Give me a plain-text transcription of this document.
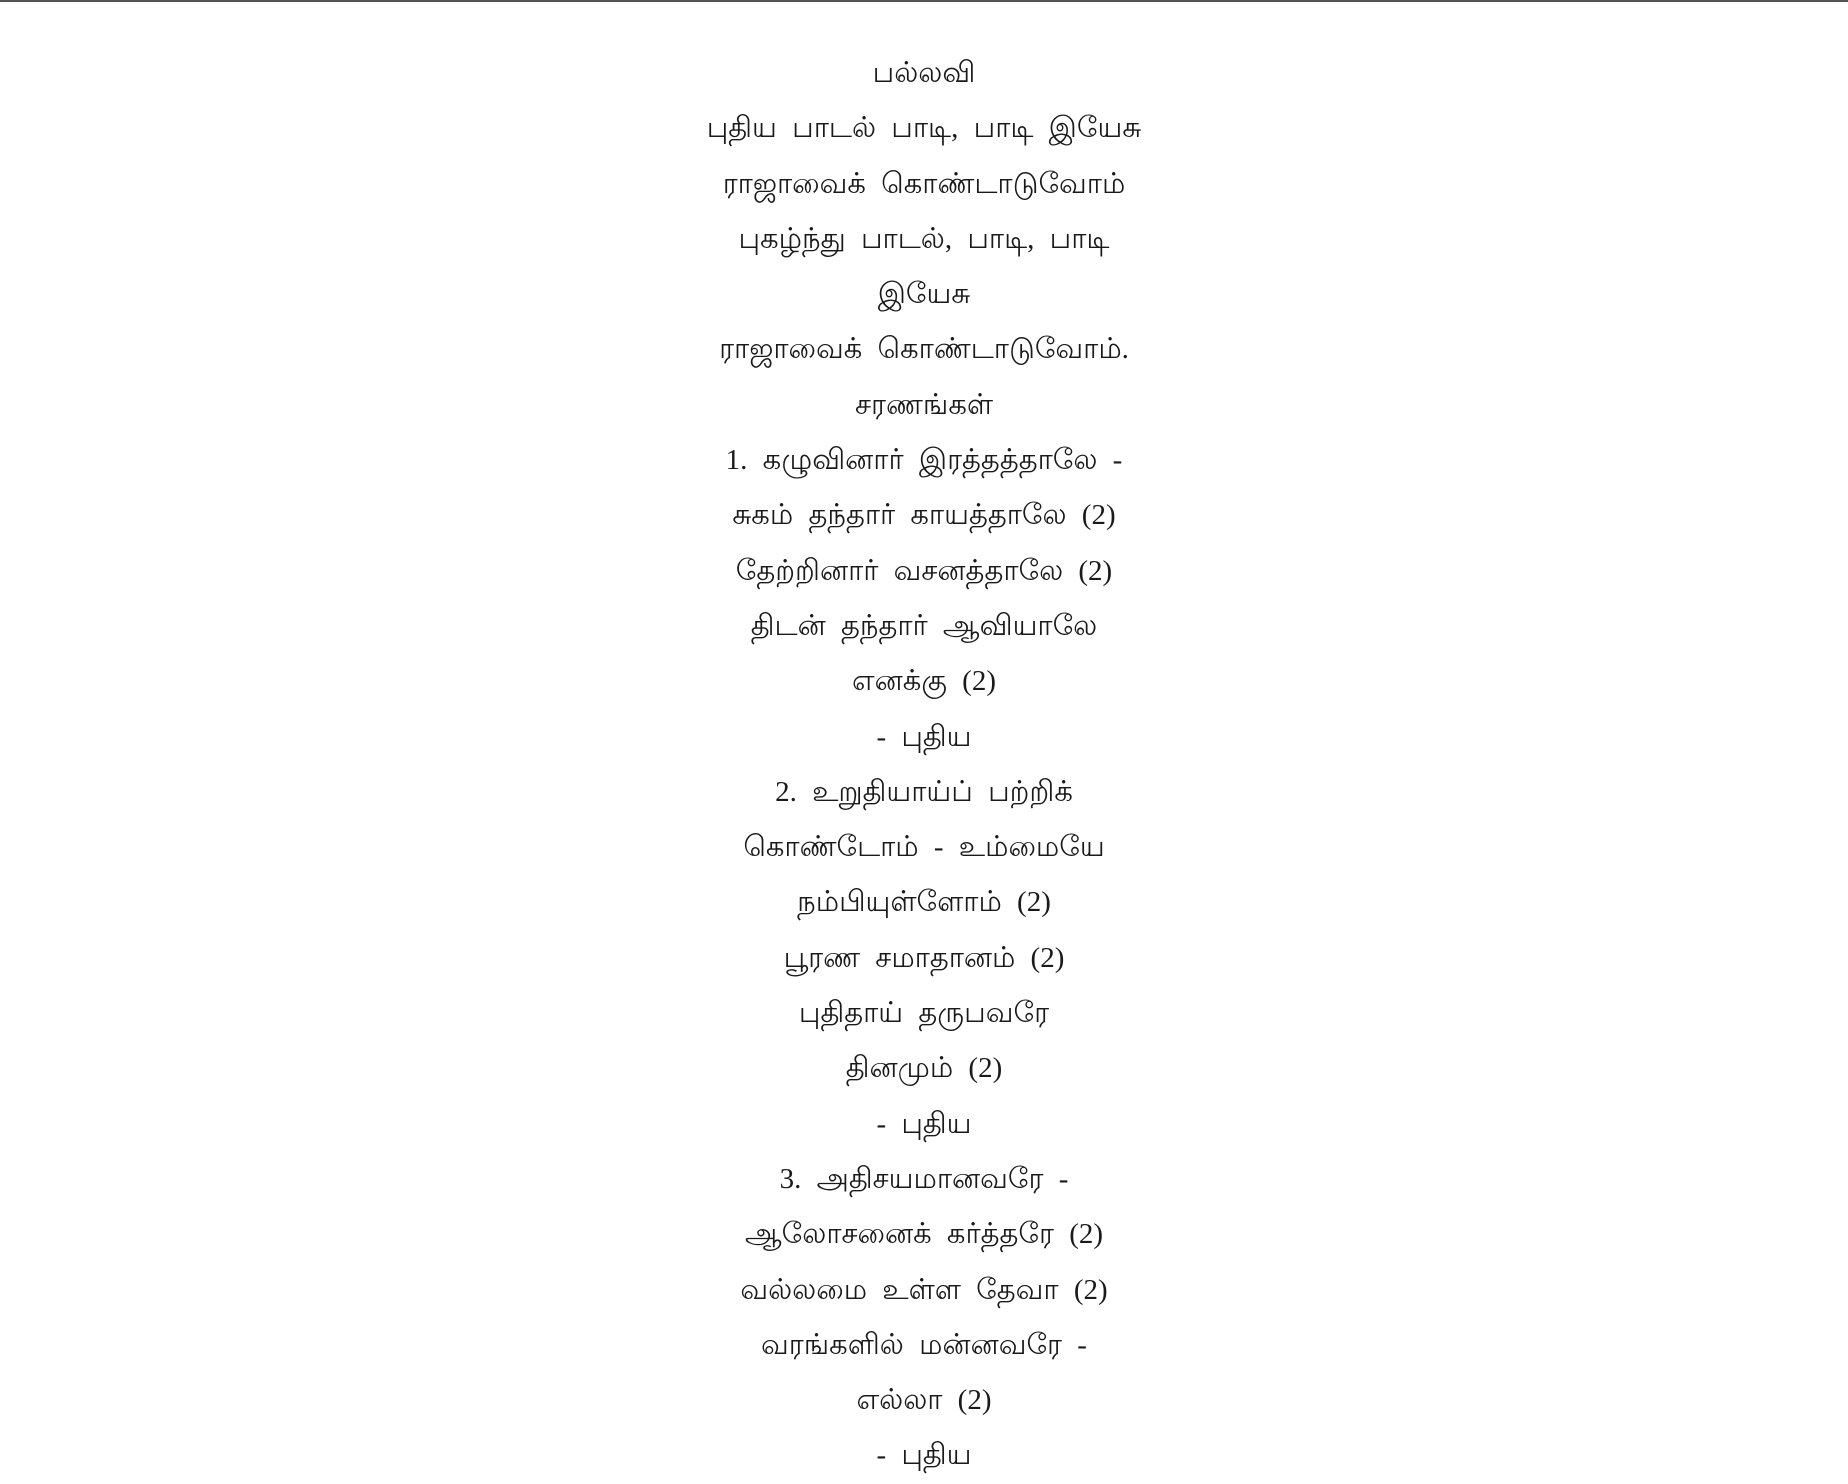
பல்லவி
புதிய பாடல் பாடி, பாடி இயேசு
ராஜாவைக் கொண்டாடுவோம்
புகழ்ந்து பாடல், பாடி, பாடி
இயேசு
ராஜாவைக் கொண்டாடுவோம்.
சரணங்கள்
1. கழுவினார் இரத்தத்தாலே -
சுகம் தந்தார் காயத்தாலே (2)
தேற்றினார் வசனத்தாலே (2)
திடன் தந்தார் ஆவியாலே
எனக்கு (2)
- புதிய
2. உறுதியாய்ப் பற்றிக்
கொண்டோம் - உம்மையே
நம்பியுள்ளோம் (2)
பூரண சமாதானம் (2)
புதிதாய் தருபவரே
தினமும் (2)
- புதிய
3. அதிசயமானவரே -
ஆலோசனைக் கர்த்தரே (2)
வல்லமை உள்ள தேவா (2)
வரங்களில் மன்னவரே -
எல்லா (2)
- புதிய
